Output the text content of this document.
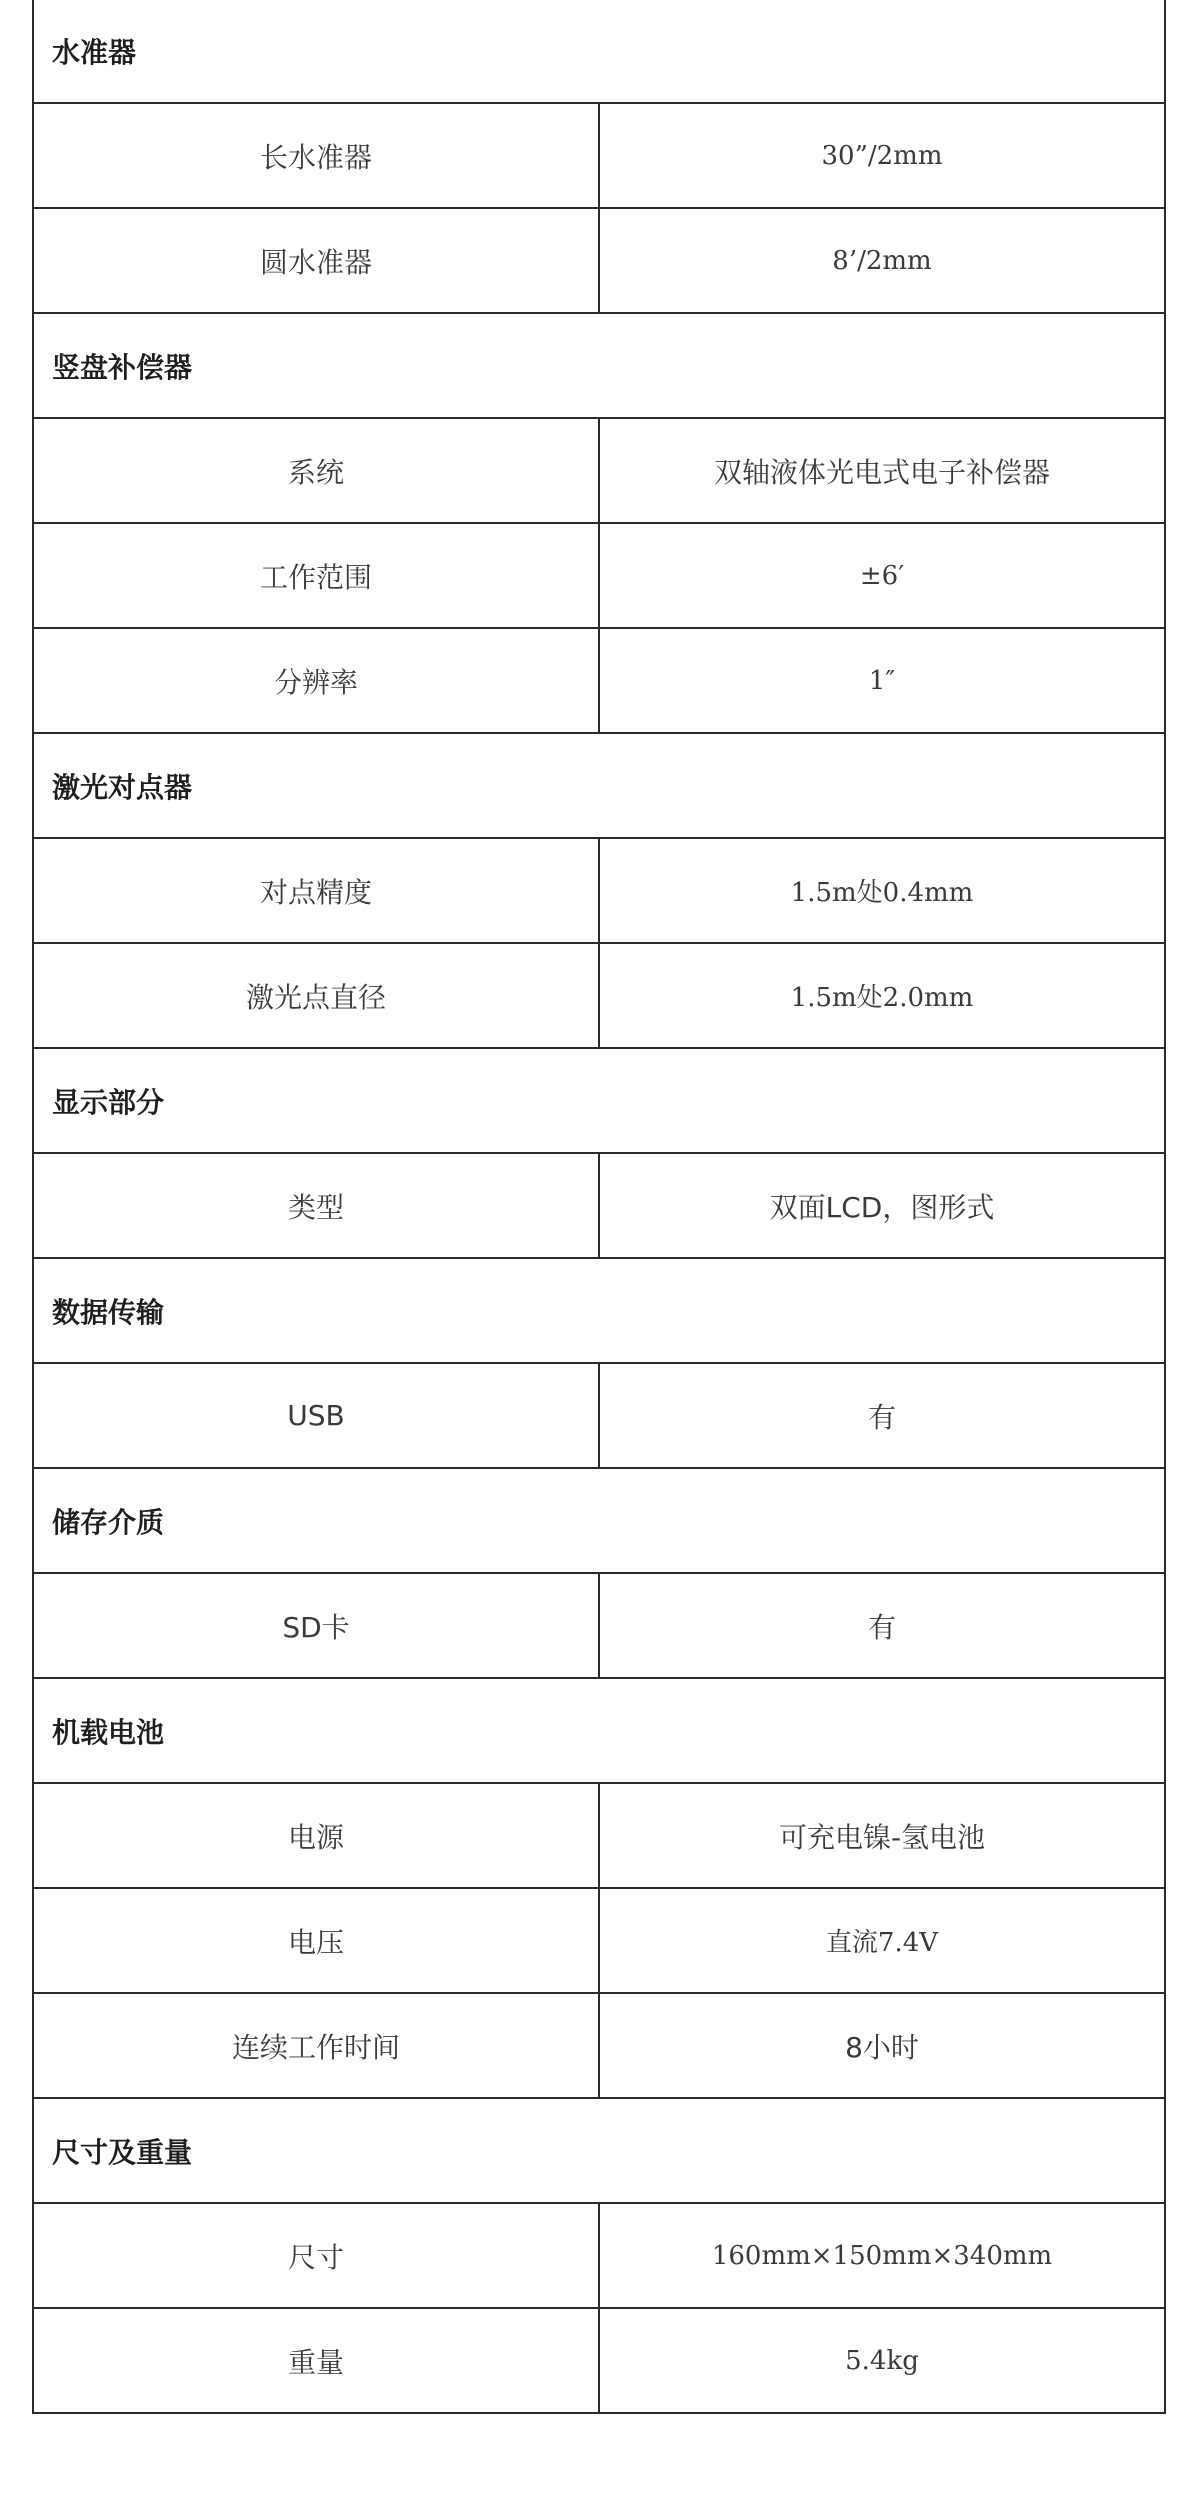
水准器	
长水准器	30”/2mm
圆水准器	8’/2mm
竖盘补偿器	
系统	双轴液体光电式电子补偿器
工作范围	±6′
分辨率	1″
激光对点器	
对点精度	1.5m处0.4mm
激光点直径	1.5m处2.0mm
显示部分	
类型	双面LCD，图形式
数据传输	
USB	有
储存介质	
SD卡	有
机载电池	
电源	可充电镍-氢电池
电压	直流7.4V
连续工作时间	8小时
尺寸及重量	
尺寸	160mm×150mm×340mm
重量	5.4kg
